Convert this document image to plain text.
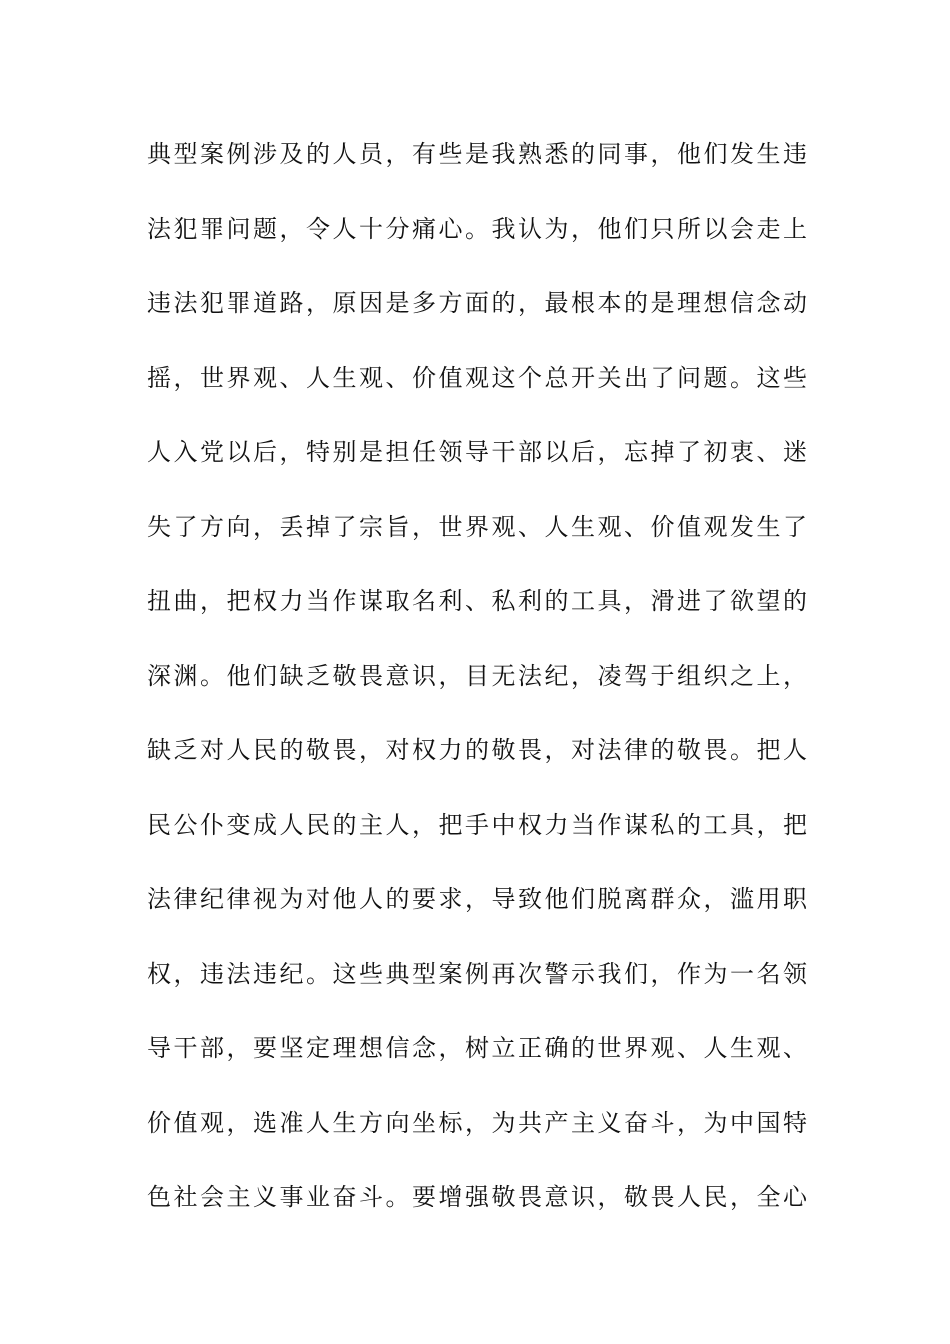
典型案例涉及的人员，有些是我熟悉的同事，他们发生违
法犯罪问题，令人十分痛心。我认为，他们只所以会走上
违法犯罪道路，原因是多方面的，最根本的是理想信念动
摇，世界观、人生观、价值观这个总开关出了问题。这些
人入党以后，特别是担任领导干部以后，忘掉了初衷、迷
失了方向，丢掉了宗旨，世界观、人生观、价值观发生了
扭曲，把权力当作谋取名利、私利的工具，滑进了欲望的
深渊。他们缺乏敬畏意识，目无法纪，凌驾于组织之上，
缺乏对人民的敬畏，对权力的敬畏，对法律的敬畏。把人
民公仆变成人民的主人，把手中权力当作谋私的工具，把
法律纪律视为对他人的要求，导致他们脱离群众，滥用职
权，违法违纪。这些典型案例再次警示我们，作为一名领
导干部，要坚定理想信念，树立正确的世界观、人生观、
价值观，选准人生方向坐标，为共产主义奋斗，为中国特
色社会主义事业奋斗。要增强敬畏意识，敬畏人民，全心
